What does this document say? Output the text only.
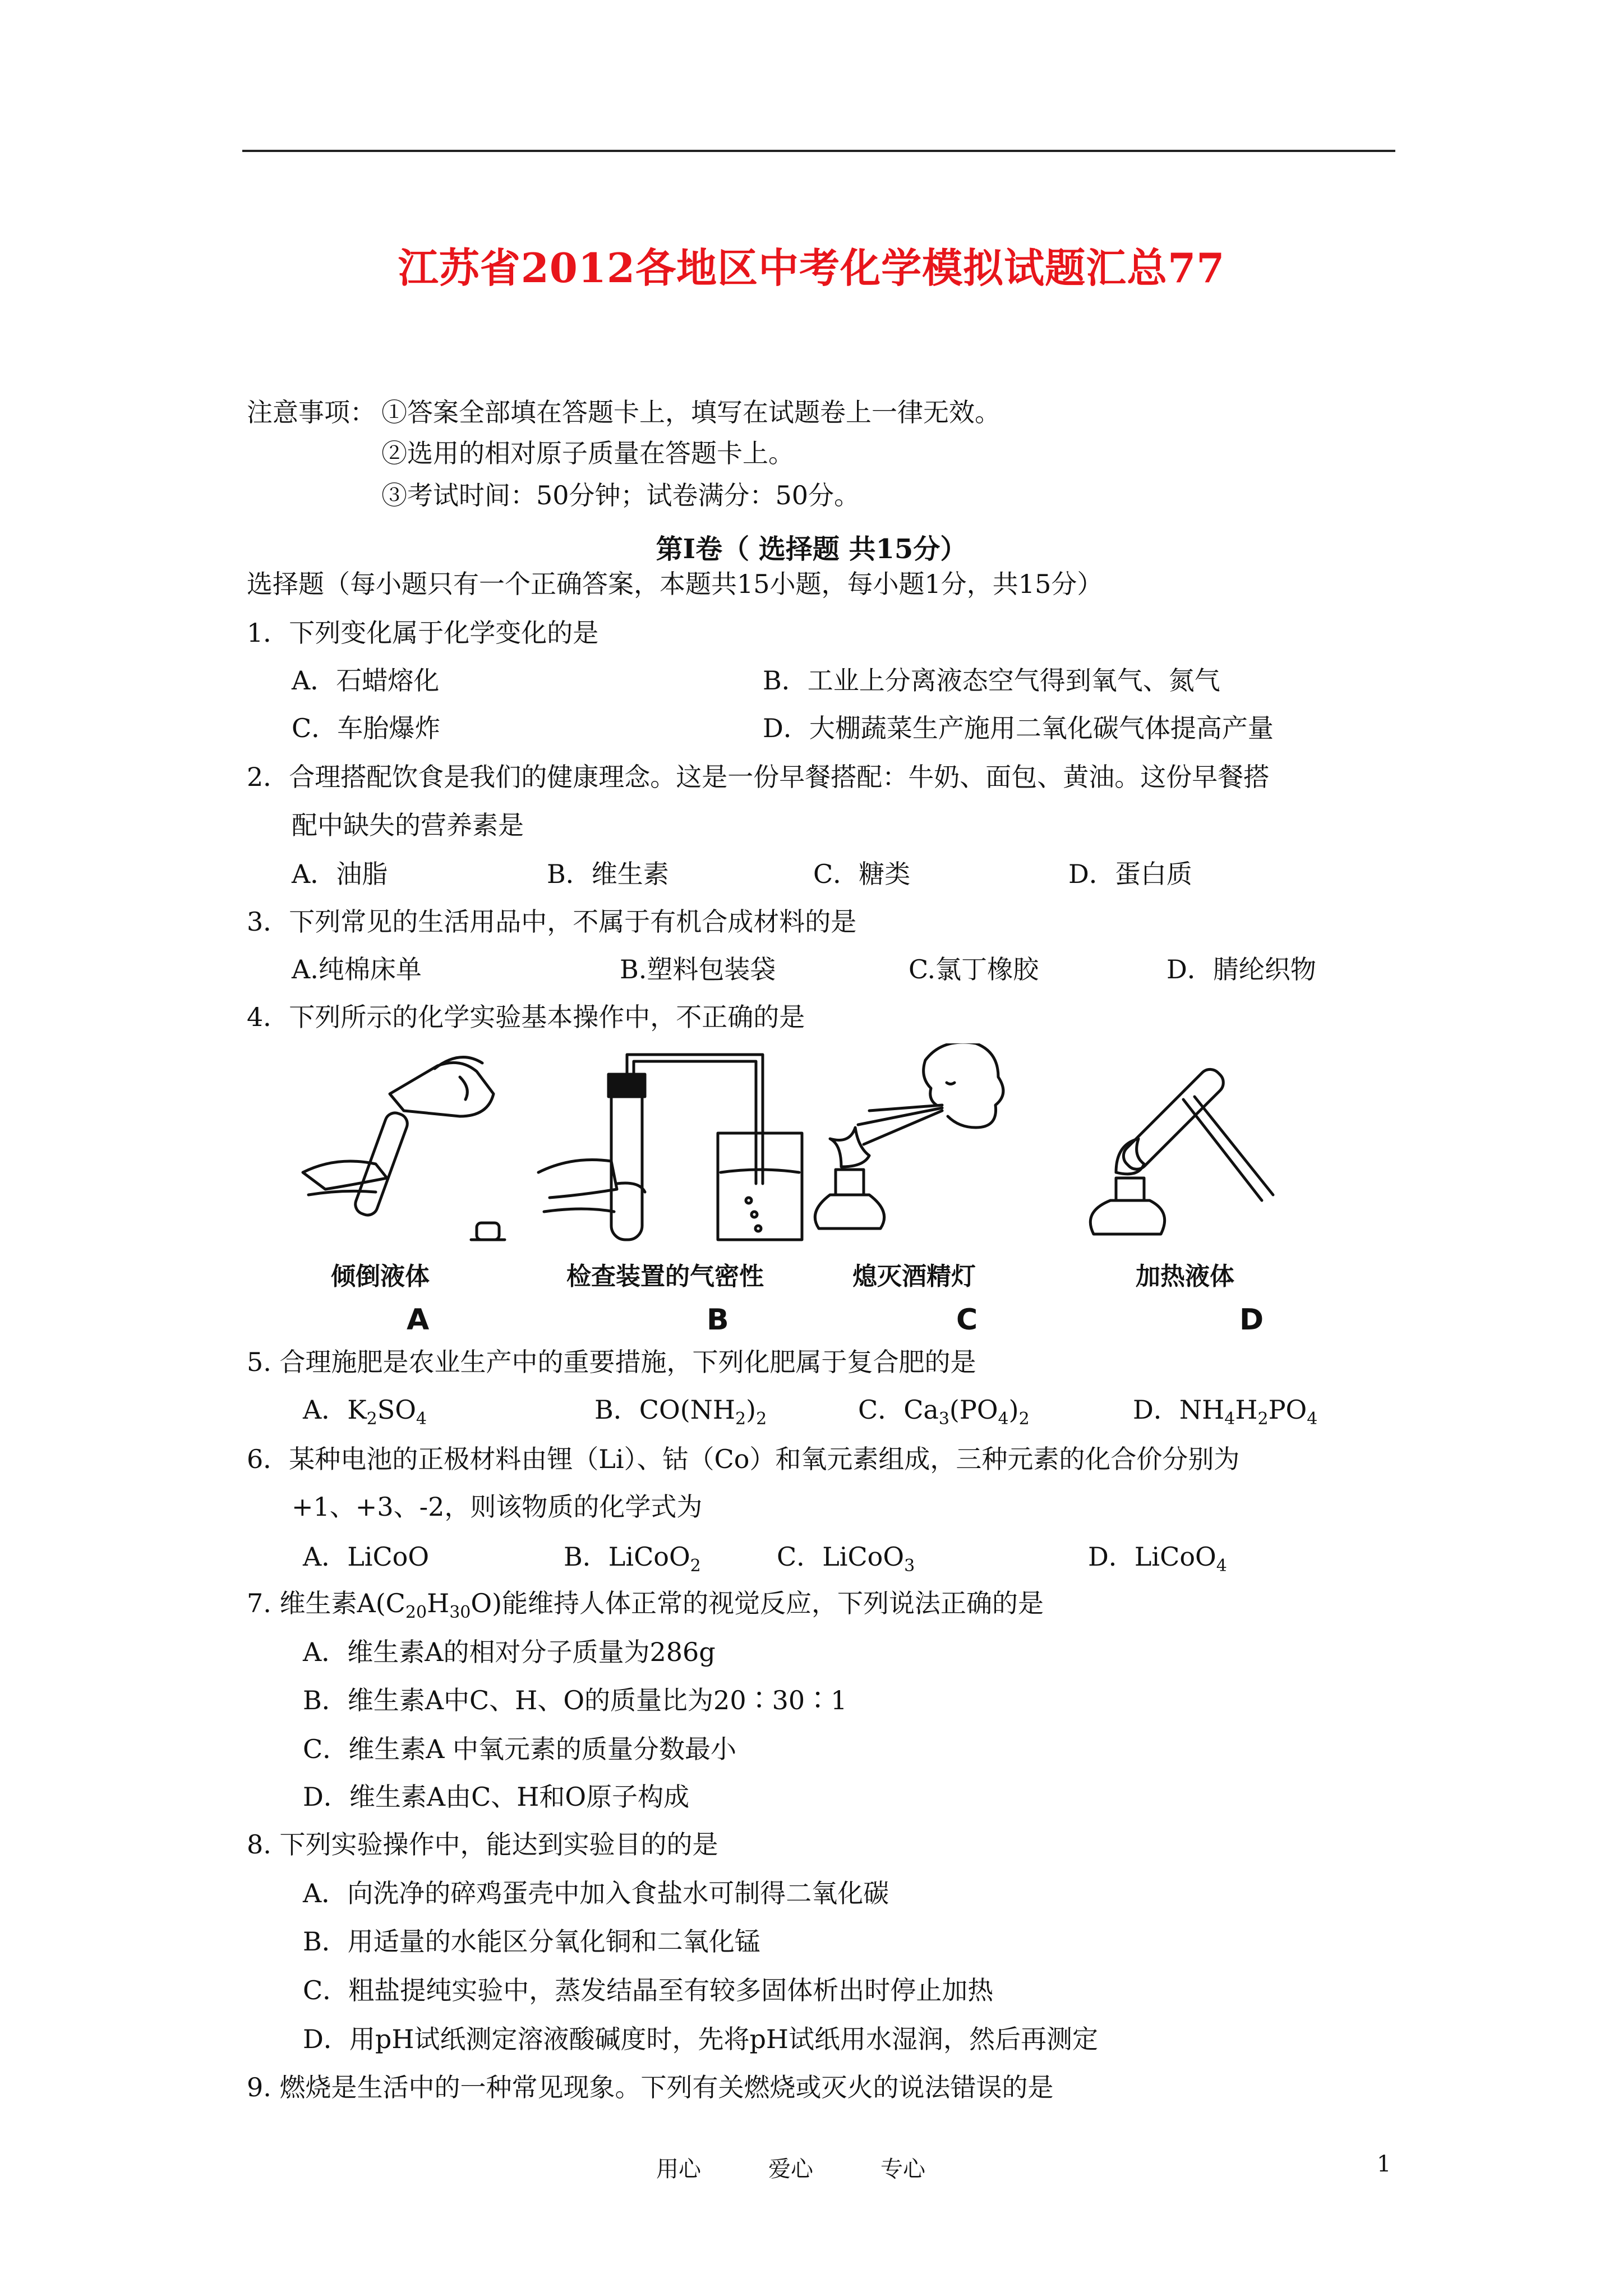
江苏省2012各地区中考化学模拟试题汇总77
注意事项： ①答案全部填在答题卡上，填写在试题卷上一律无效。
②选用的相对原子质量在答题卡上。
③考试时间：50分钟；试卷满分：50分。
第Ⅰ卷（ 选择题 共15分）
选择题（每小题只有一个正确答案，本题共15小题，每小题1分，共15分）
1．下列变化属于化学变化的是
A．石蜡熔化	B．工业上分离液态空气得到氧气、氮气
C．车胎爆炸	D．大棚蔬菜生产施用二氧化碳气体提高产量
2．合理搭配饮食是我们的健康理念。这是一份早餐搭配：牛奶、面包、黄油。这份早餐搭
配中缺失的营养素是
A．油脂	B．维生素	C．糖类	D．蛋白质
3．下列常见的生活用品中，不属于有机合成材料的是
A.纯棉床单	B.塑料包装袋	C.氯丁橡胶	D．腈纶织物
4．下列所示的化学实验基本操作中，不正确的是
倾倒液体
A
检查装置的气密性
B
熄灭酒精灯
C
加热液体
D
5. 合理施肥是农业生产中的重要措施，下列化肥属于复合肥的是
A．$K_2SO_4$	B．$CO(NH_2)_2$	C．$Ca_3(PO_4)_2$	D．$NH_4H_2PO_4$
6．某种电池的正极材料由锂（Li）、钴（Co）和氧元素组成，三种元素的化合价分别为
+1、+3、-2，则该物质的化学式为
A．LiCoO	B．LiCoO$_2$	C．LiCoO$_3$	D．LiCoO$_4$
7. 维生素$A(C_{20}H_{30}O)$能维持人体正常的视觉反应，下列说法正确的是
A．维生素A的相对分子质量为286g
B．维生素A中C、H、O的质量比为20∶30∶1
C．维生素A 中氧元素的质量分数最小
D．维生素A由C、H和O原子构成
8. 下列实验操作中，能达到实验目的的是
A．向洗净的碎鸡蛋壳中加入食盐水可制得二氧化碳
B．用适量的水能区分氧化铜和二氧化锰
C．粗盐提纯实验中，蒸发结晶至有较多固体析出时停止加热
D．用pH试纸测定溶液酸碱度时，先将pH试纸用水湿润，然后再测定
9. 燃烧是生活中的一种常见现象。下列有关燃烧或灭火的说法错误的是
用心	爱心	专心	1
